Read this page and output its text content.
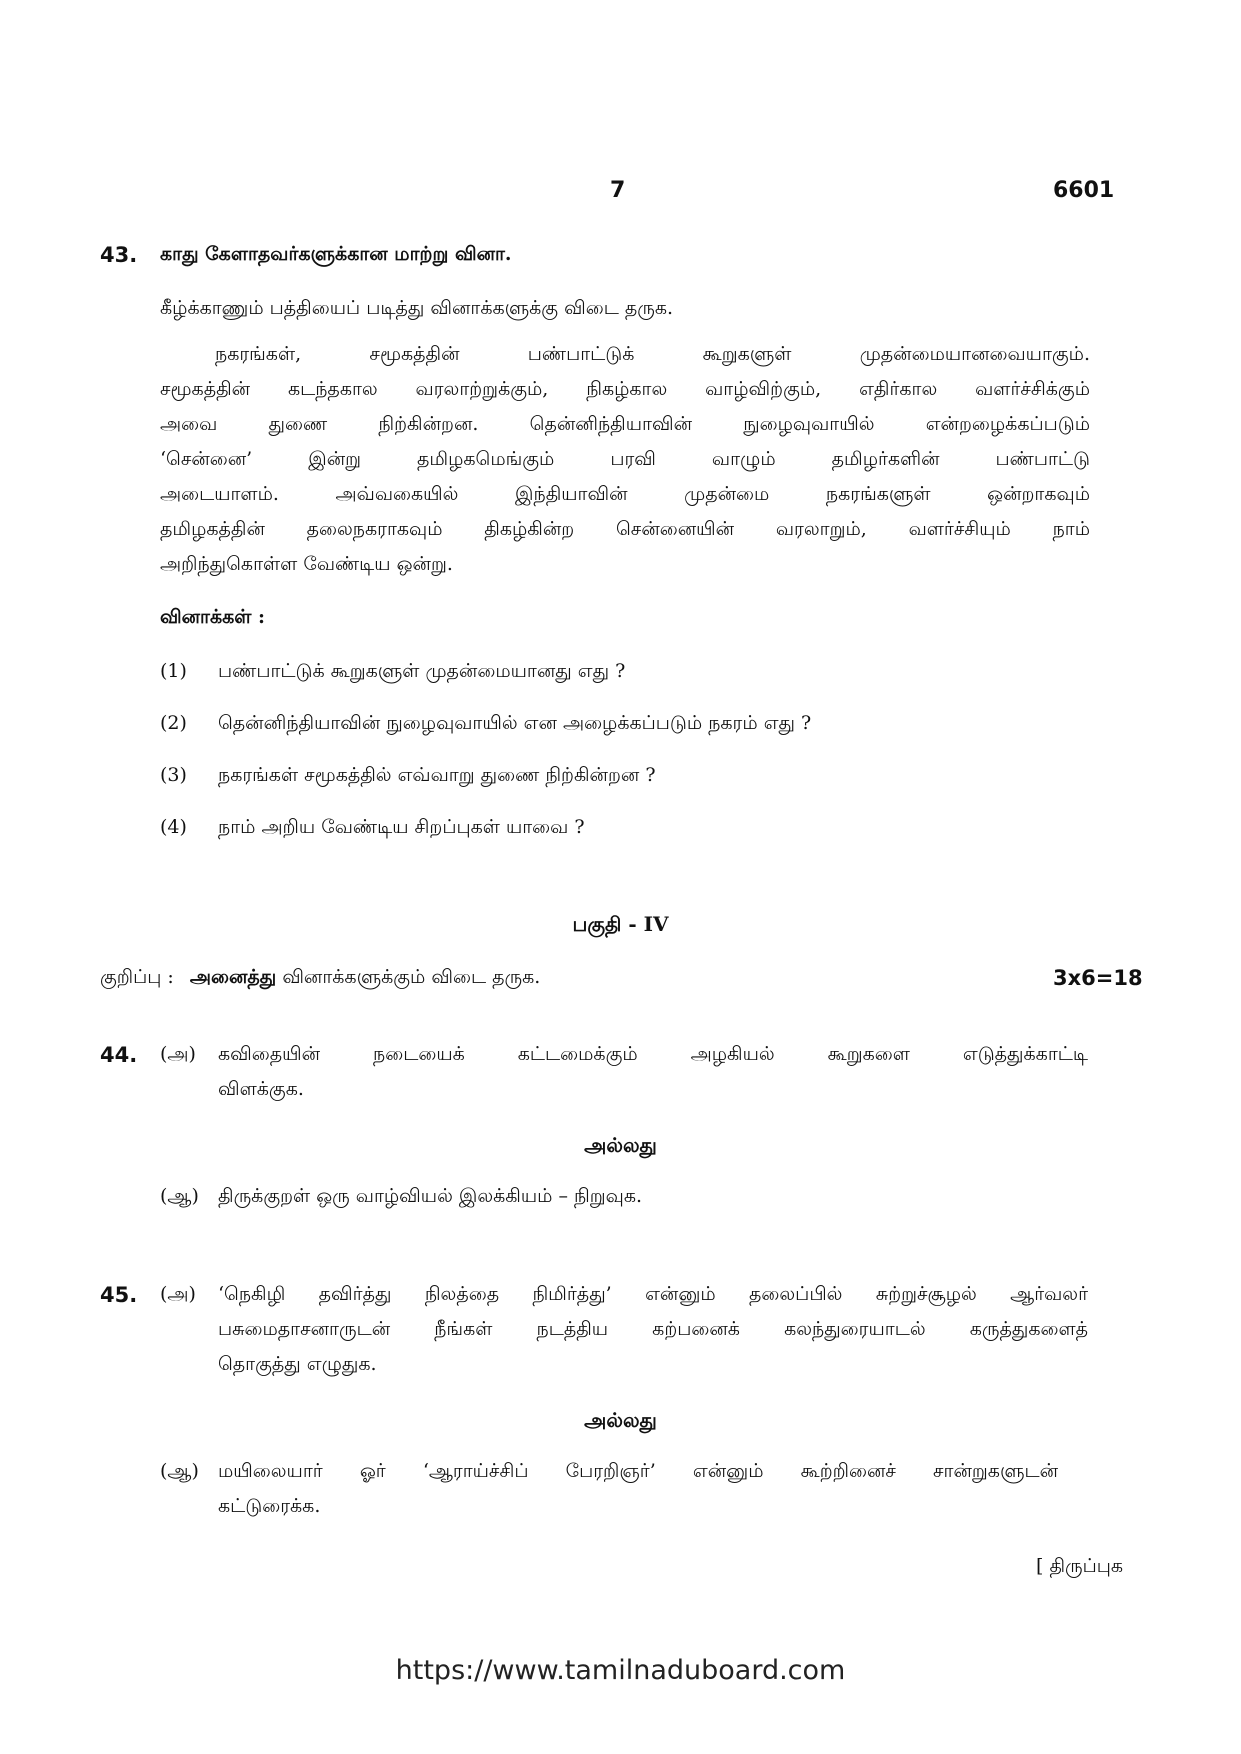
7	6601
43. காது கேளாதவர்களுக்கான மாற்று வினா.
கீழ்க்காணும் பத்தியைப் படித்து வினாக்களுக்கு விடை தருக.
நகரங்கள், சமூகத்தின் பண்பாட்டுக் கூறுகளுள் முதன்மையானவையாகும்.
சமூகத்தின் கடந்தகால வரலாற்றுக்கும், நிகழ்கால வாழ்விற்கும், எதிர்கால வளர்ச்சிக்கும்
அவை துணை நிற்கின்றன. தென்னிந்தியாவின் நுழைவுவாயில் என்றழைக்கப்படும்
‘சென்னை’ இன்று தமிழகமெங்கும் பரவி வாழும் தமிழர்களின் பண்பாட்டு
அடையாளம். அவ்வகையில் இந்தியாவின் முதன்மை நகரங்களுள் ஒன்றாகவும்
தமிழகத்தின் தலைநகராகவும் திகழ்கின்ற சென்னையின் வரலாறும், வளர்ச்சியும் நாம்
அறிந்துகொள்ள வேண்டிய ஒன்று.
வினாக்கள் :
(1) பண்பாட்டுக் கூறுகளுள் முதன்மையானது எது ?
(2) தென்னிந்தியாவின் நுழைவுவாயில் என அழைக்கப்படும் நகரம் எது ?
(3) நகரங்கள் சமூகத்தில் எவ்வாறு துணை நிற்கின்றன ?
(4) நாம் அறிய வேண்டிய சிறப்புகள் யாவை ?
பகுதி - IV
குறிப்பு : அனைத்து வினாக்களுக்கும் விடை தருக.	3x6=18
44. (அ) கவிதையின் நடையைக் கட்டமைக்கும் அழகியல் கூறுகளை எடுத்துக்காட்டி
விளக்குக.
அல்லது
(ஆ) திருக்குறள் ஒரு வாழ்வியல் இலக்கியம் – நிறுவுக.
45. (அ) ‘நெகிழி தவிர்த்து நிலத்தை நிமிர்த்து’ என்னும் தலைப்பில் சுற்றுச்சூழல் ஆர்வலர்
பசுமைதாசனாருடன் நீங்கள் நடத்திய கற்பனைக் கலந்துரையாடல் கருத்துகளைத்
தொகுத்து எழுதுக.
அல்லது
(ஆ) மயிலையார் ஓர் ‘ஆராய்ச்சிப் பேரறிஞர்’ என்னும் கூற்றினைச் சான்றுகளுடன்
கட்டுரைக்க.
[ திருப்புக
https://www.tamilnaduboard.com
